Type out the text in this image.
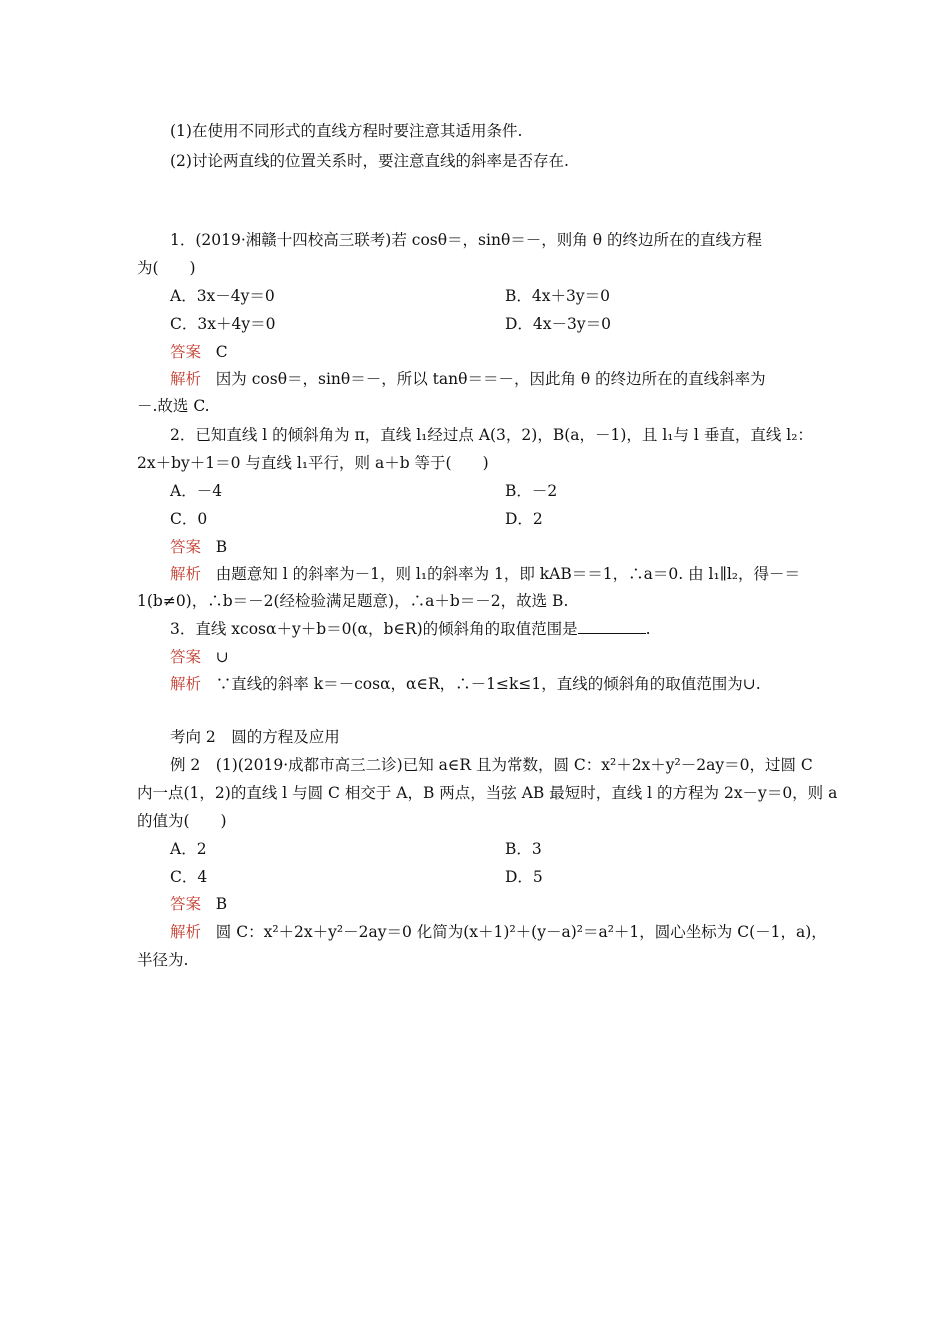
(1)在使用不同形式的直线方程时要注意其适用条件.
(2)讨论两直线的位置关系时，要注意直线的斜率是否存在.
1．(2019·湘赣十四校高三联考)若 cosθ＝，sinθ＝－，则角 θ 的终边所在的直线方程
为(　　)
A．3x－4y＝0	B．4x＋3y＝0
C．3x＋4y＝0	D．4x－3y＝0
答案 C
解析 因为 cosθ＝，sinθ＝－，所以 tanθ＝＝－，因此角 θ 的终边所在的直线斜率为
－.故选 C.
2．已知直线 l 的倾斜角为 π，直线 l₁经过点 A(3，2)，B(a，－1)，且 l₁与 l 垂直，直线 l₂：
2x＋by＋1＝0 与直线 l₁平行，则 a＋b 等于(　　)
A．－4	B．－2
C．0	D．2
答案 B
解析 由题意知 l 的斜率为－1，则 l₁的斜率为 1，即 kAB＝＝1，∴a＝0. 由 l₁∥l₂，得－＝
1(b≠0)，∴b＝－2(经检验满足题意)，∴a＋b＝－2，故选 B.
3．直线 xcosα＋y＋b＝0(α，b∈R)的倾斜角的取值范围是	.
答案 ∪
解析 ∵直线的斜率 k＝－cosα，α∈R，∴－1≤k≤1，直线的倾斜角的取值范围为∪.
考向 2　圆的方程及应用
例 2　(1)(2019·成都市高三二诊)已知 a∈R 且为常数，圆 C：x²＋2x＋y²－2ay＝0，过圆 C
内一点(1，2)的直线 l 与圆 C 相交于 A，B 两点，当弦 AB 最短时，直线 l 的方程为 2x－y＝0，则 a
的值为(　　)
A．2	B．3
C．4	D．5
答案 B
解析 圆 C：x²＋2x＋y²－2ay＝0 化简为(x＋1)²＋(y－a)²＝a²＋1，圆心坐标为 C(－1，a)，
半径为.
